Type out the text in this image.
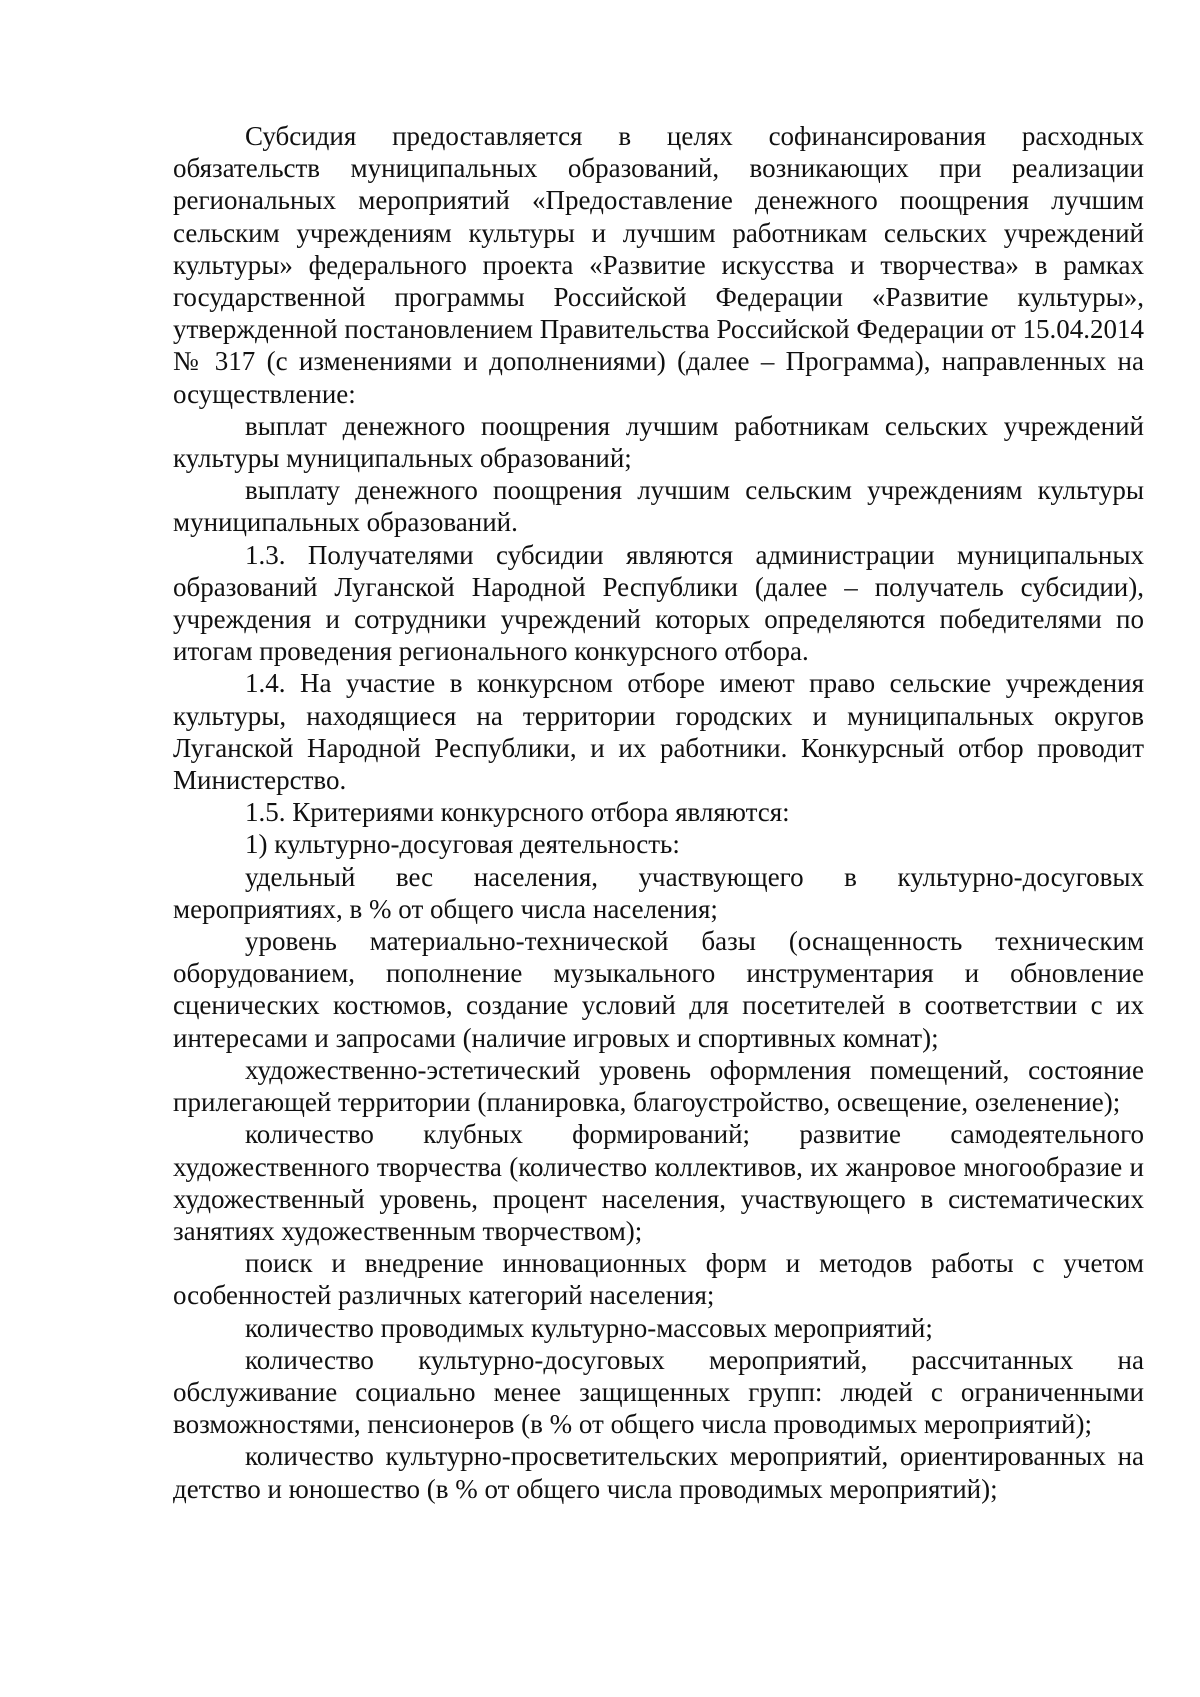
Субсидия предоставляется в целях софинансирования расходных обязательств муниципальных образований, возникающих при реализации региональных мероприятий «Предоставление денежного поощрения лучшим сельским учреждениям культуры и лучшим работникам сельских учреждений культуры» федерального проекта «Развитие искусства и творчества» в рамках государственной программы Российской Федерации «Развитие культуры», утвержденной постановлением Правительства Российской Федерации от 15.04.2014 № 317 (с изменениями и дополнениями) (далее – Программа), направленных на осуществление:

выплат денежного поощрения лучшим работникам сельских учреждений культуры муниципальных образований;

выплату денежного поощрения лучшим сельским учреждениям культуры муниципальных образований.

1.3. Получателями субсидии являются администрации муниципальных образований Луганской Народной Республики (далее – получатель субсидии), учреждения и сотрудники учреждений которых определяются победителями по итогам проведения регионального конкурсного отбора.

1.4. На участие в конкурсном отборе имеют право сельские учреждения культуры, находящиеся на территории городских и муниципальных округов Луганской Народной Республики, и их работники. Конкурсный отбор проводит Министерство.

1.5. Критериями конкурсного отбора являются:

1) культурно-досуговая деятельность:

удельный вес населения, участвующего в культурно-досуговых мероприятиях, в % от общего числа населения;

уровень материально-технической базы (оснащенность техническим оборудованием, пополнение музыкального инструментария и обновление сценических костюмов, создание условий для посетителей в соответствии с их интересами и запросами (наличие игровых и спортивных комнат);

художественно-эстетический уровень оформления помещений, состояние прилегающей территории (планировка, благоустройство, освещение, озеленение);

количество клубных формирований; развитие самодеятельного художественного творчества (количество коллективов, их жанровое многообразие и художественный уровень, процент населения, участвующего в систематических занятиях художественным творчеством);

поиск и внедрение инновационных форм и методов работы с учетом особенностей различных категорий населения;

количество проводимых культурно-массовых мероприятий;

количество культурно-досуговых мероприятий, рассчитанных на обслуживание социально менее защищенных групп: людей с ограниченными возможностями, пенсионеров (в % от общего числа проводимых мероприятий);

количество культурно-просветительских мероприятий, ориентированных на детство и юношество (в % от общего числа проводимых мероприятий);
